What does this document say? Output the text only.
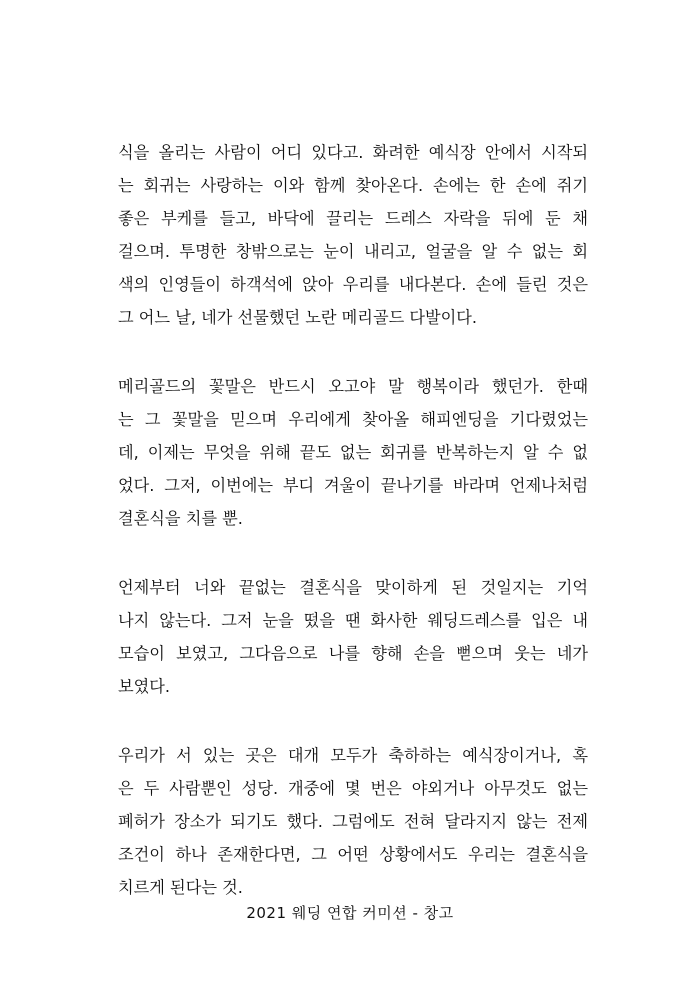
식을 올리는 사람이 어디 있다고. 화려한 예식장 안에서 시작되
는 회귀는 사랑하는 이와 함께 찾아온다. 손에는 한 손에 쥐기
좋은 부케를 들고, 바닥에 끌리는 드레스 자락을 뒤에 둔 채
걸으며. 투명한 창밖으로는 눈이 내리고, 얼굴을 알 수 없는 회
색의 인영들이 하객석에 앉아 우리를 내다본다. 손에 들린 것은
그 어느 날, 네가 선물했던 노란 메리골드 다발이다.

메리골드의 꽃말은 반드시 오고야 말 행복이라 했던가. 한때
는 그 꽃말을 믿으며 우리에게 찾아올 해피엔딩을 기다렸었는
데, 이제는 무엇을 위해 끝도 없는 회귀를 반복하는지 알 수 없
었다. 그저, 이번에는 부디 겨울이 끝나기를 바라며 언제나처럼
결혼식을 치를 뿐.

언제부터 너와 끝없는 결혼식을 맞이하게 된 것일지는 기억
나지 않는다. 그저 눈을 떴을 땐 화사한 웨딩드레스를 입은 내
모습이 보였고, 그다음으로 나를 향해 손을 뻗으며 웃는 네가
보였다.

우리가 서 있는 곳은 대개 모두가 축하하는 예식장이거나, 혹
은 두 사람뿐인 성당. 개중에 몇 번은 야외거나 아무것도 없는
폐허가 장소가 되기도 했다. 그럼에도 전혀 달라지지 않는 전제
조건이 하나 존재한다면, 그 어떤 상황에서도 우리는 결혼식을
치르게 된다는 것.

2021 웨딩 연합 커미션 - 창고
